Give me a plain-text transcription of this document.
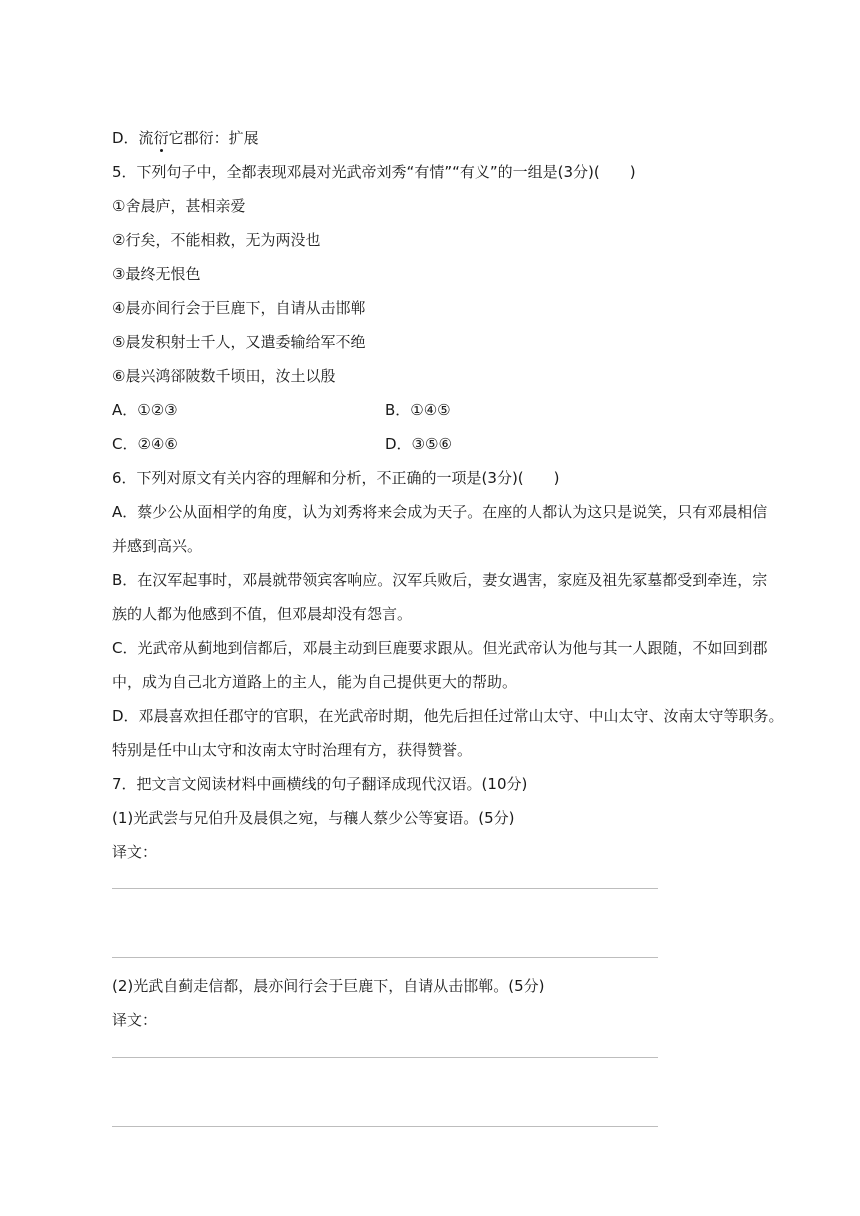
D．流衍它郡衍：扩展
5．下列句子中，全都表现邓晨对光武帝刘秀“有情”“有义”的一组是(3分)(　　)
①舍晨庐，甚相亲爱
②行矣，不能相救，无为两没也
③最终无恨色
④晨亦间行会于巨鹿下，自请从击邯郸
⑤晨发积射士千人，又遣委输给军不绝
⑥晨兴鸿郤陂数千顷田，汝土以殷
A．①②③	B．①④⑤
C．②④⑥	D．③⑤⑥
6．下列对原文有关内容的理解和分析，不正确的一项是(3分)(　　)
A．蔡少公从面相学的角度，认为刘秀将来会成为天子。在座的人都认为这只是说笑，只有邓晨相信
并感到高兴。
B．在汉军起事时，邓晨就带领宾客响应。汉军兵败后，妻女遇害，家庭及祖先冢墓都受到牵连，宗
族的人都为他感到不值，但邓晨却没有怨言。
C．光武帝从蓟地到信都后，邓晨主动到巨鹿要求跟从。但光武帝认为他与其一人跟随，不如回到郡
中，成为自己北方道路上的主人，能为自己提供更大的帮助。
D．邓晨喜欢担任郡守的官职，在光武帝时期，他先后担任过常山太守、中山太守、汝南太守等职务。
特别是任中山太守和汝南太守时治理有方，获得赞誉。
7．把文言文阅读材料中画横线的句子翻译成现代汉语。(10分)
(1)光武尝与兄伯升及晨俱之宛，与穰人蔡少公等宴语。(5分)
译文：
(2)光武自蓟走信都，晨亦间行会于巨鹿下，自请从击邯郸。(5分)
译文：
